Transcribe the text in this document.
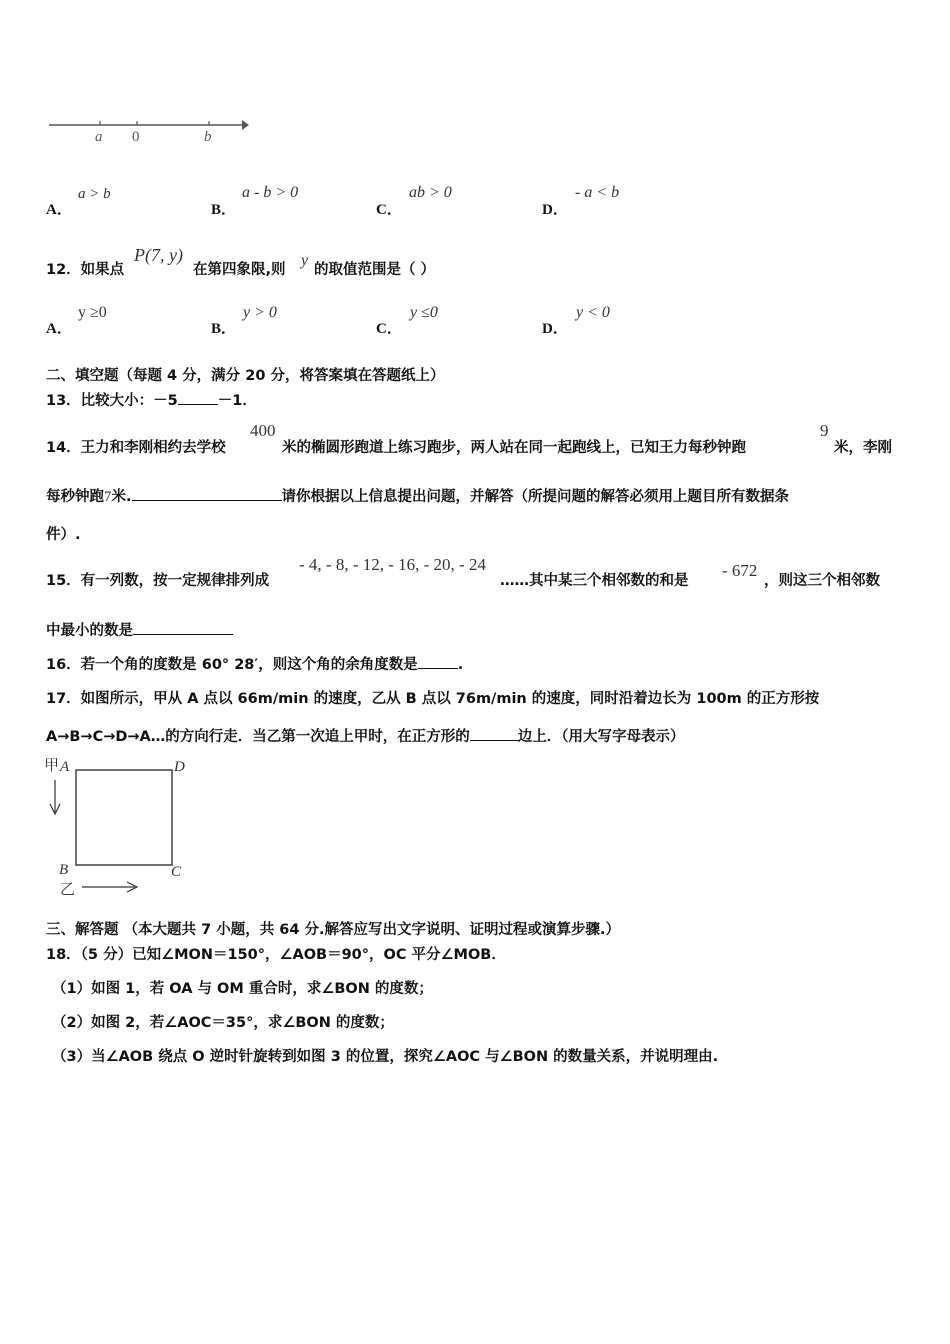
a 0	b
A．
a > b
B．
a - b > 0
C．
ab > 0
D．
- a < b
12．如果点
P(7, y)
在第四象限,则
y
的取值范围是（ ）
A．
y ≥0
B．
y > 0
C．
y ≤0
D．
y < 0
二、填空题（每题 4 分，满分 20 分，将答案填在答题纸上）
13．比较大小：－5	－1．
14．王力和李刚相约去学校
400
米的椭圆形跑道上练习跑步，两人站在同一起跑线上，已知王力每秒钟跑
9
米，李刚
每秒钟跑7米.	请你根据以上信息提出问题，并解答（所提问题的解答必须用上题目所有数据条
件）.
15．有一列数，按一定规律排列成
- 4, - 8, - 12, - 16, - 20, - 24
……其中某三个相邻数的和是
- 672
，则这三个相邻数
中最小的数是
16．若一个角的度数是 60° 28′，则这个角的余角度数是	.
17．如图所示，甲从 A 点以 66m/min 的速度，乙从 B 点以 76m/min 的速度，同时沿着边长为 100m 的正方形按
A→B→C→D→A…的方向行走．当乙第一次追上甲时，在正方形的	边上．（用大写字母表示）
甲 A	D
B	C
乙
三、解答题 （本大题共 7 小题，共 64 分.解答应写出文字说明、证明过程或演算步骤.）
18．（5 分）已知∠MON＝150°，∠AOB＝90°，OC 平分∠MOB．
（1）如图 1，若 OA 与 OM 重合时，求∠BON 的度数；
（2）如图 2，若∠AOC＝35°，求∠BON 的度数；
（3）当∠AOB 绕点 O 逆时针旋转到如图 3 的位置，探究∠AOC 与∠BON 的数量关系，并说明理由.
